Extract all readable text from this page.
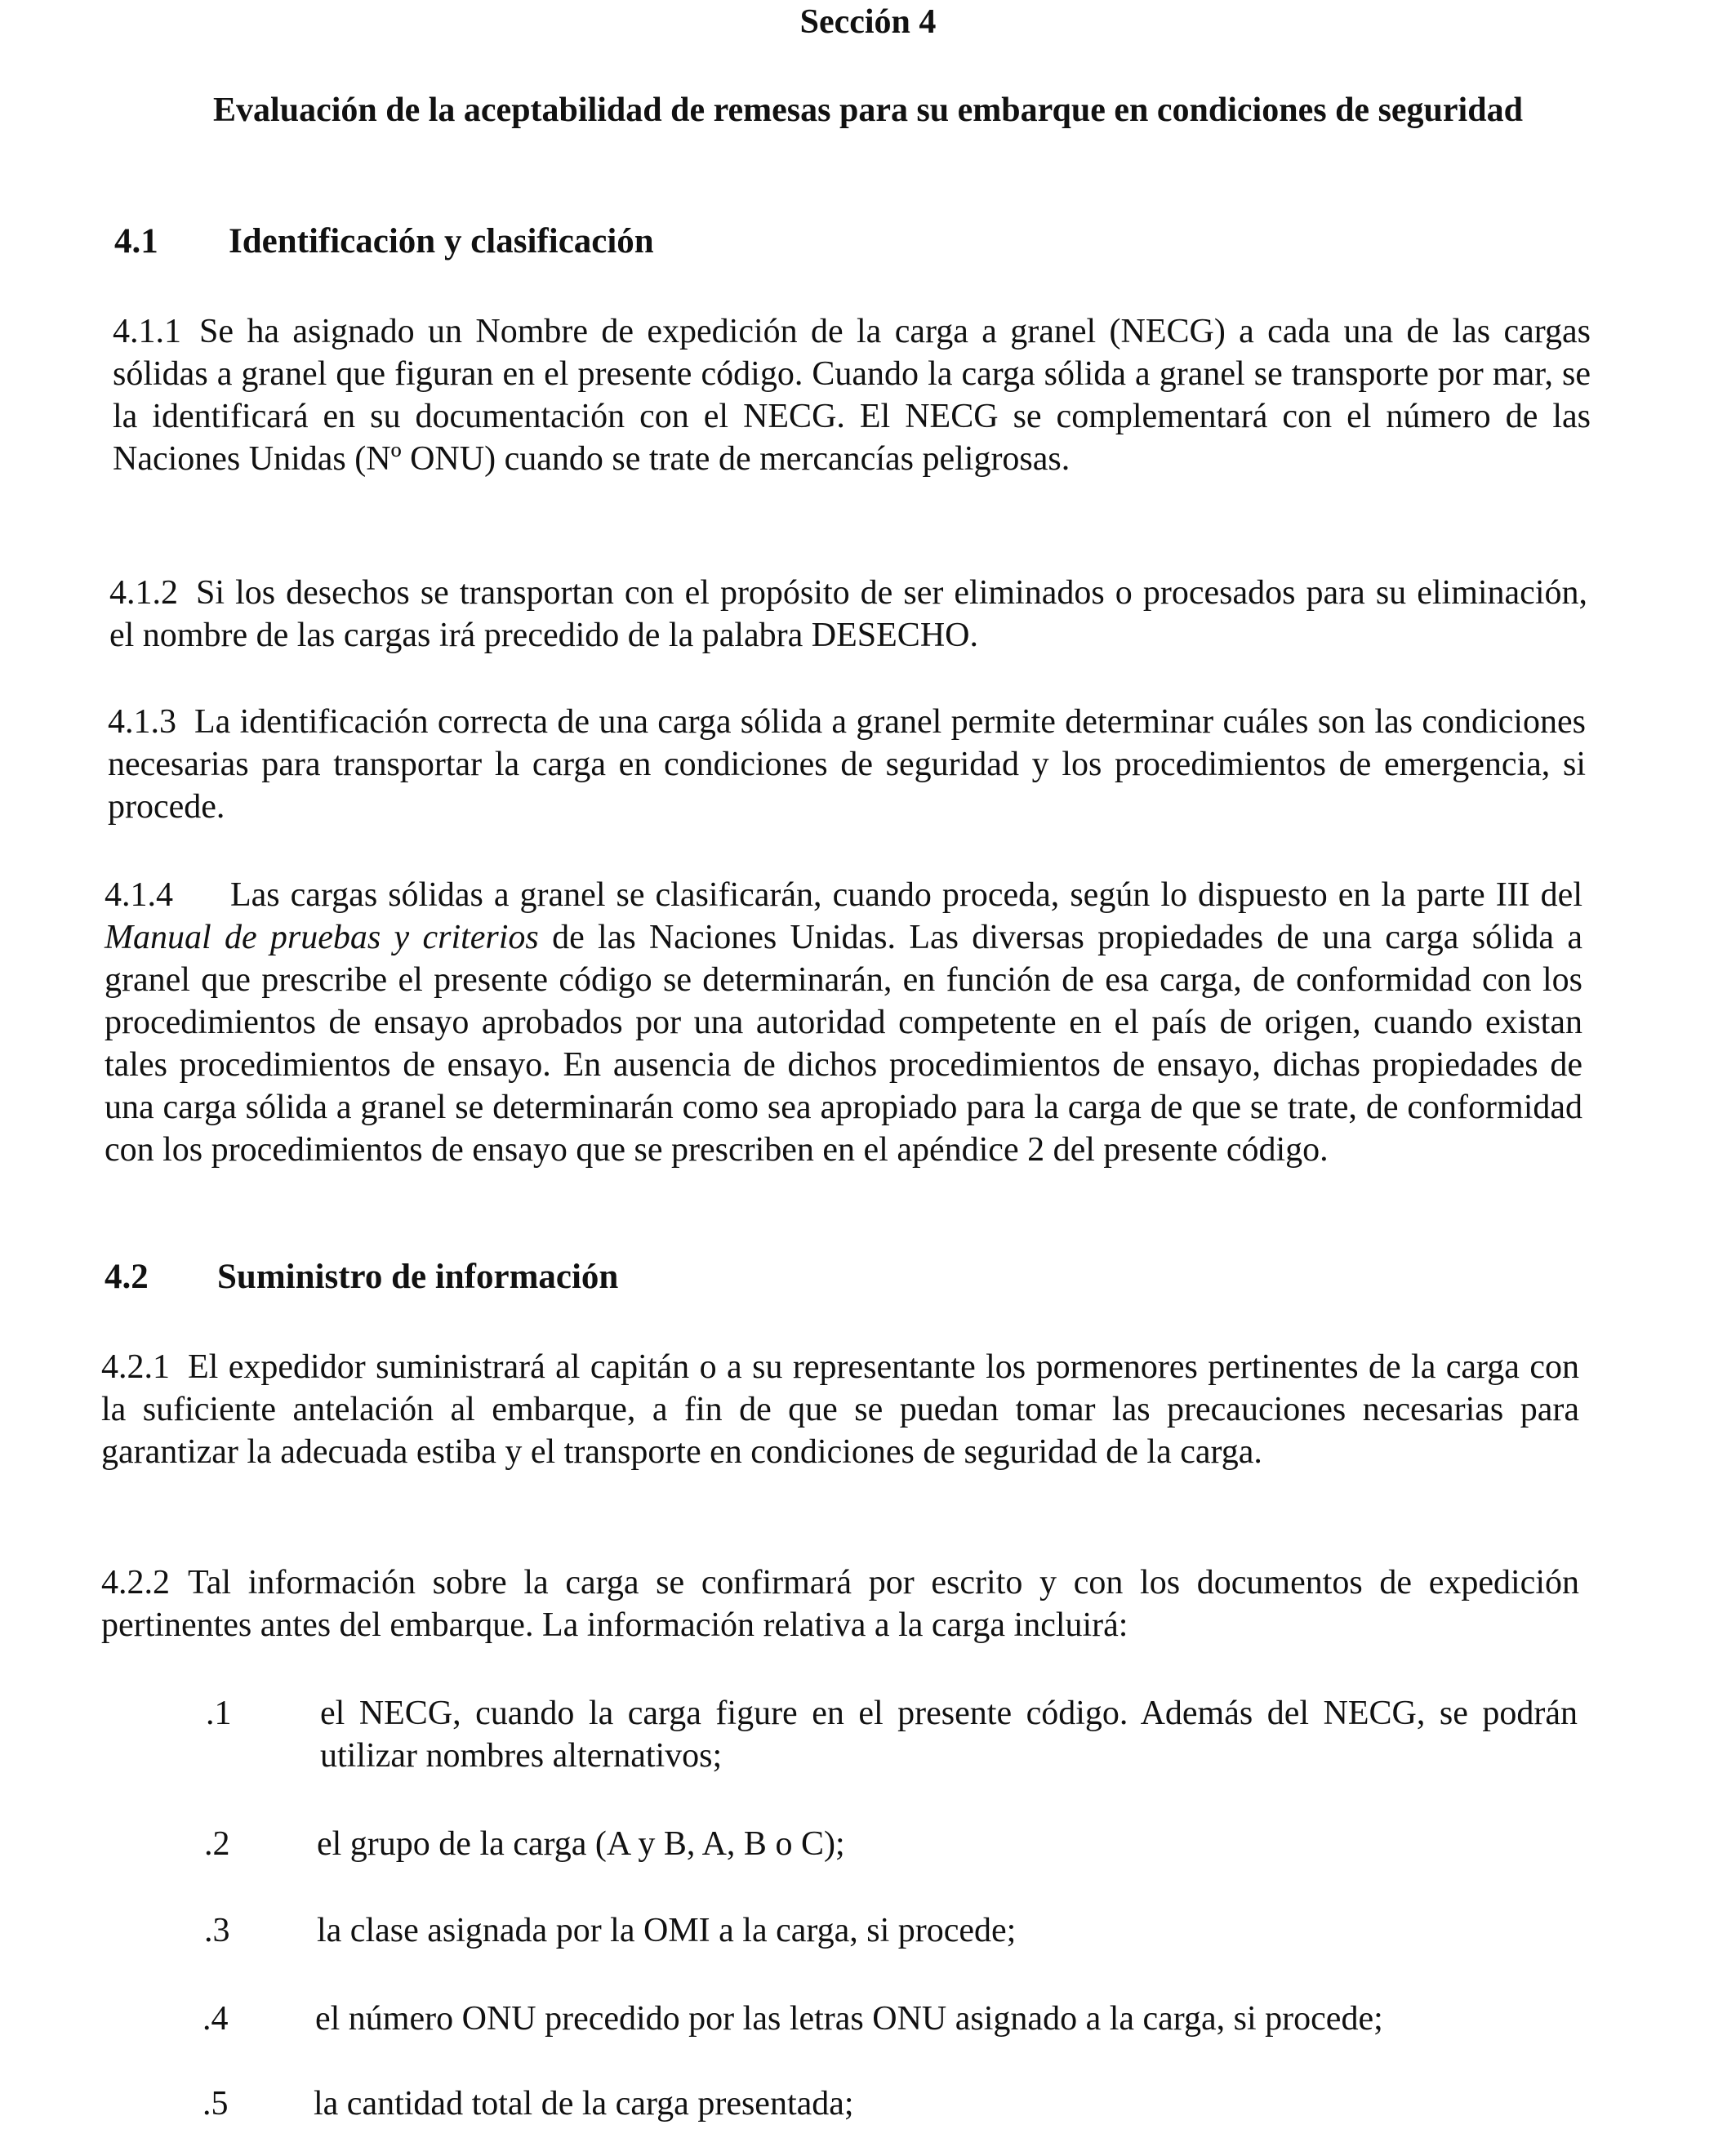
Sección 4
Evaluación de la aceptabilidad de remesas para su embarque en condiciones de seguridad
4.1 Identificación y clasificación
4.1.1 Se ha asignado un Nombre de expedición de la carga a granel (NECG) a cada una de las cargas sólidas a granel que figuran en el presente código. Cuando la carga sólida a granel se transporte por mar, se la identificará en su documentación con el NECG. El NECG se complementará con el número de las Naciones Unidas (Nº ONU) cuando se trate de mercancías peligrosas.
4.1.2 Si los desechos se transportan con el propósito de ser eliminados o procesados para su eliminación, el nombre de las cargas irá precedido de la palabra DESECHO.
4.1.3 La identificación correcta de una carga sólida a granel permite determinar cuáles son las condiciones necesarias para transportar la carga en condiciones de seguridad y los procedimientos de emergencia, si procede.
4.1.4 Las cargas sólidas a granel se clasificarán, cuando proceda, según lo dispuesto en la parte III del Manual de pruebas y criterios de las Naciones Unidas. Las diversas propiedades de una carga sólida a granel que prescribe el presente código se determinarán, en función de esa carga, de conformidad con los procedimientos de ensayo aprobados por una autoridad competente en el país de origen, cuando existan tales procedimientos de ensayo. En ausencia de dichos procedimientos de ensayo, dichas propiedades de una carga sólida a granel se determinarán como sea apropiado para la carga de que se trate, de conformidad con los procedimientos de ensayo que se prescriben en el apéndice 2 del presente código.
4.2 Suministro de información
4.2.1 El expedidor suministrará al capitán o a su representante los pormenores pertinentes de la carga con la suficiente antelación al embarque, a fin de que se puedan tomar las precauciones necesarias para garantizar la adecuada estiba y el transporte en condiciones de seguridad de la carga.
4.2.2 Tal información sobre la carga se confirmará por escrito y con los documentos de expedición pertinentes antes del embarque. La información relativa a la carga incluirá:
.1	el NECG, cuando la carga figure en el presente código. Además del NECG, se podrán utilizar nombres alternativos;
.2	el grupo de la carga (A y B, A, B o C);
.3	la clase asignada por la OMI a la carga, si procede;
.4	el número ONU precedido por las letras ONU asignado a la carga, si procede;
.5	la cantidad total de la carga presentada;
